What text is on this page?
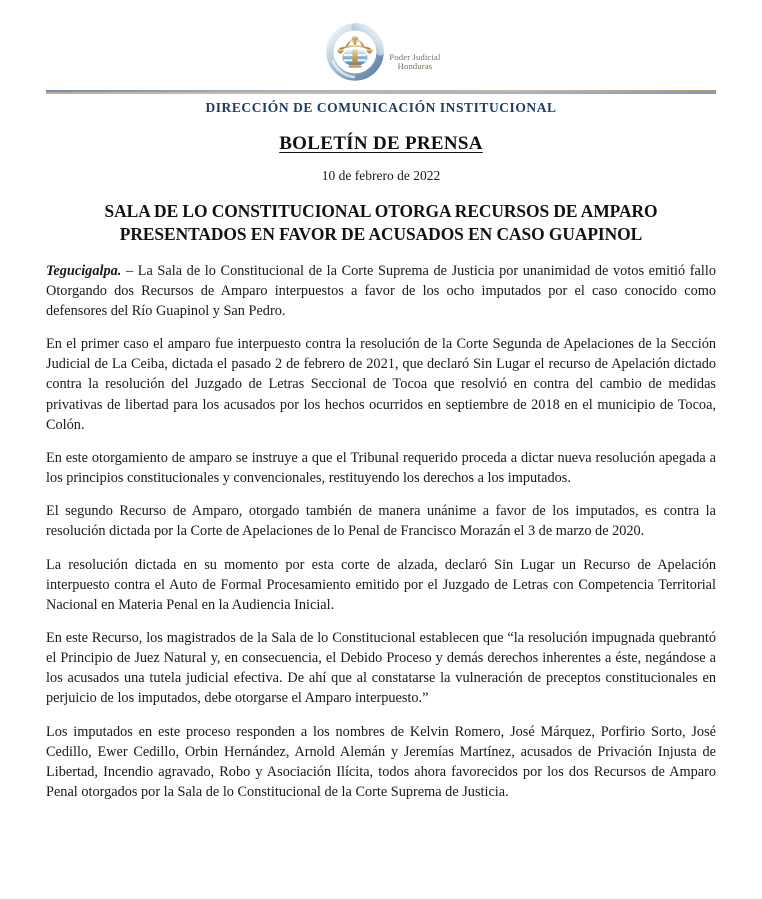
Poder Judicial
Honduras
DIRECCIÓN DE COMUNICACIÓN INSTITUCIONAL
BOLETÍN DE PRENSA
10 de febrero de 2022
SALA DE LO CONSTITUCIONAL OTORGA RECURSOS DE AMPARO PRESENTADOS EN FAVOR DE ACUSADOS EN CASO GUAPINOL

Tegucigalpa. – La Sala de lo Constitucional de la Corte Suprema de Justicia por unanimidad de votos emitió fallo Otorgando dos Recursos de Amparo interpuestos a favor de los ocho imputados por el caso conocido como defensores del Río Guapinol y San Pedro.

En el primer caso el amparo fue interpuesto contra la resolución de la Corte Segunda de Apelaciones de la Sección Judicial de La Ceiba, dictada el pasado 2 de febrero de 2021, que declaró Sin Lugar el recurso de Apelación dictado contra la resolución del Juzgado de Letras Seccional de Tocoa que resolvió en contra del cambio de medidas privativas de libertad para los acusados por los hechos ocurridos en septiembre de 2018 en el municipio de Tocoa, Colón.

En este otorgamiento de amparo se instruye a que el Tribunal requerido proceda a dictar nueva resolución apegada a los principios constitucionales y convencionales, restituyendo los derechos a los imputados.

El segundo Recurso de Amparo, otorgado también de manera unánime a favor de los imputados, es contra la resolución dictada por la Corte de Apelaciones de lo Penal de Francisco Morazán el 3 de marzo de 2020.

La resolución dictada en su momento por esta corte de alzada, declaró Sin Lugar un Recurso de Apelación interpuesto contra el Auto de Formal Procesamiento emitido por el Juzgado de Letras con Competencia Territorial Nacional en Materia Penal en la Audiencia Inicial.

En este Recurso, los magistrados de la Sala de lo Constitucional establecen que “la resolución impugnada quebrantó el Principio de Juez Natural y, en consecuencia, el Debido Proceso y demás derechos inherentes a éste, negándose a los acusados una tutela judicial efectiva. De ahí que al constatarse la vulneración de preceptos constitucionales en perjuicio de los imputados, debe otorgarse el Amparo interpuesto.”

Los imputados en este proceso responden a los nombres de Kelvin Romero, José Márquez, Porfirio Sorto, José Cedillo, Ewer Cedillo, Orbin Hernández, Arnold Alemán y Jeremías Martínez, acusados de Privación Injusta de Libertad, Incendio agravado, Robo y Asociación Ilícita, todos ahora favorecidos por los dos Recursos de Amparo Penal otorgados por la Sala de lo Constitucional de la Corte Suprema de Justicia.
